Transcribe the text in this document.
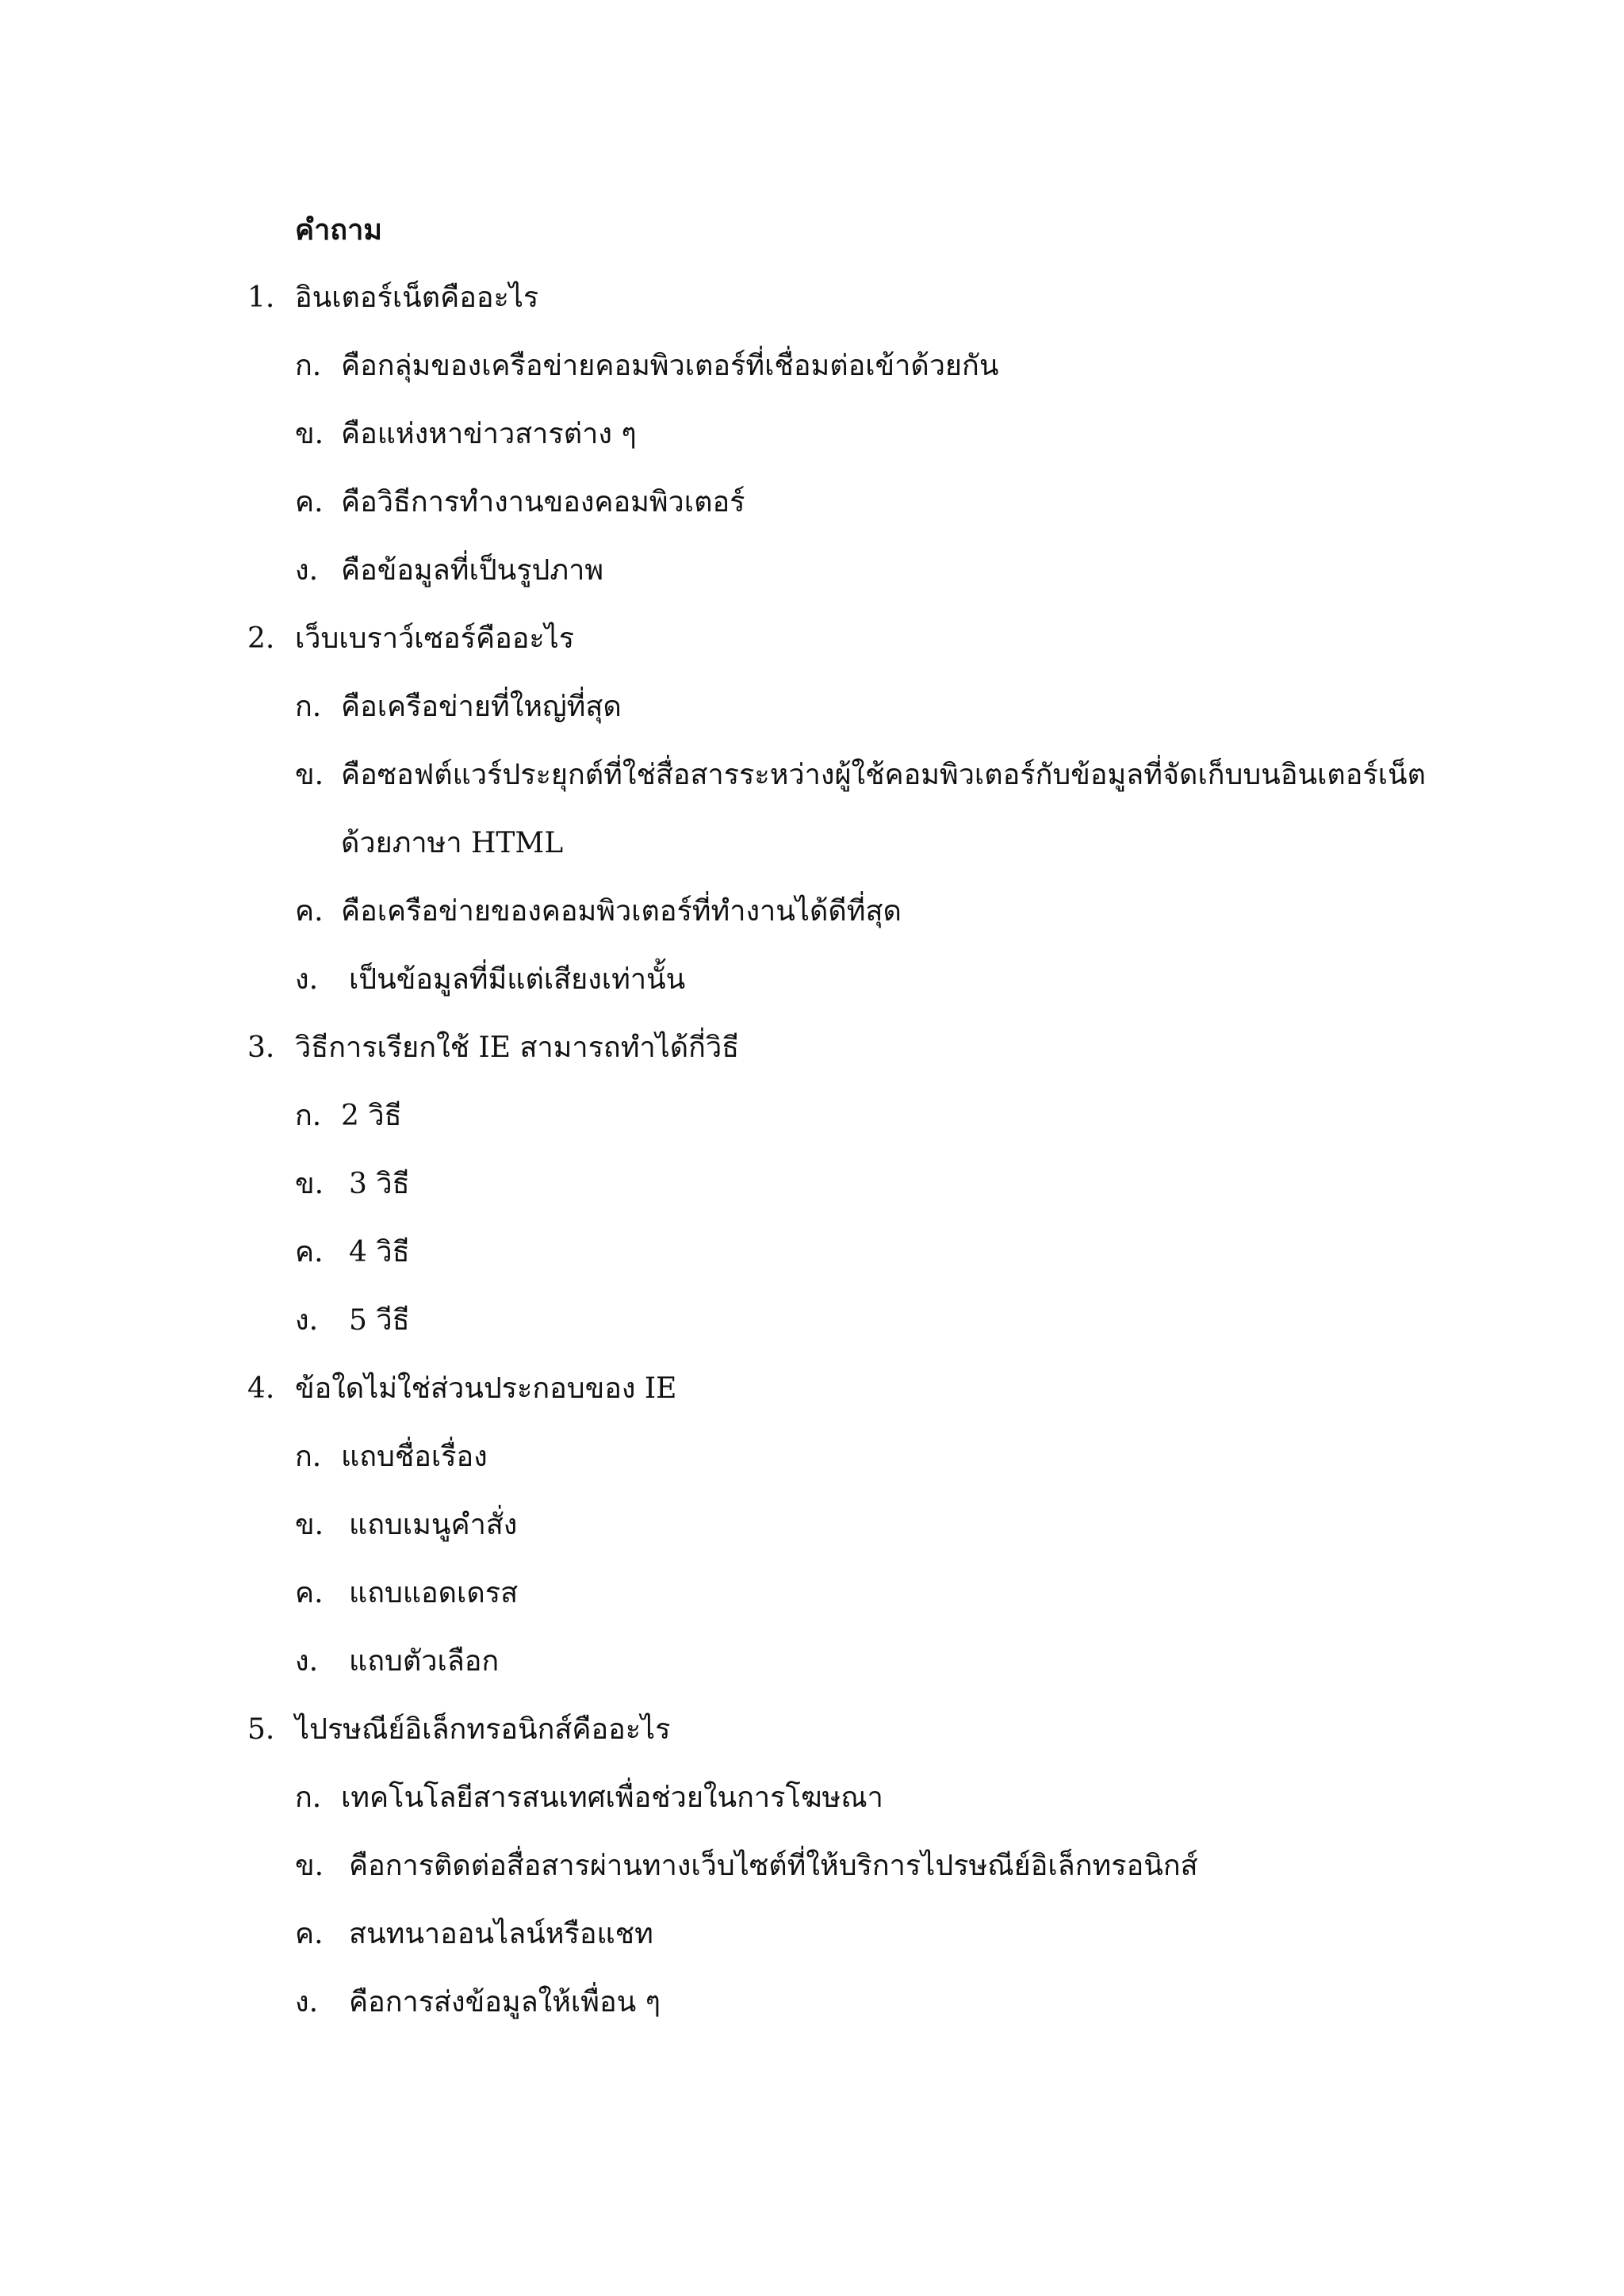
คำถาม
1. อินเตอร์เน็ตคืออะไร
ก. คือกลุ่มของเครือข่ายคอมพิวเตอร์ที่เชื่อมต่อเข้าด้วยกัน
ข. คือแห่งหาข่าวสารต่าง ๆ
ค. คือวิธีการทำงานของคอมพิวเตอร์
ง. คือข้อมูลที่เป็นรูปภาพ
2. เว็บเบราว์เซอร์คืออะไร
ก. คือเครือข่ายที่ใหญ่ที่สุด
ข. คือซอฟต์แวร์ประยุกต์ที่ใช่สื่อสารระหว่างผู้ใช้คอมพิวเตอร์กับข้อมูลที่จัดเก็บบนอินเตอร์เน็ต
ด้วยภาษา HTML
ค. คือเครือข่ายของคอมพิวเตอร์ที่ทำงานได้ดีที่สุด
ง. เป็นข้อมูลที่มีแต่เสียงเท่านั้น
3. วิธีการเรียกใช้ IE สามารถทำได้กี่วิธี
ก. 2 วิธี
ข. 3 วิธี
ค. 4 วิธี
ง. 5 วีธี
4. ข้อใดไม่ใช่ส่วนประกอบของ IE
ก. แถบชื่อเรื่อง
ข. แถบเมนูคำสั่ง
ค. แถบแอดเดรส
ง. แถบตัวเลือก
5. ไปรษณีย์อิเล็กทรอนิกส์คืออะไร
ก. เทคโนโลยีสารสนเทศเพื่อช่วยในการโฆษณา
ข. คือการติดต่อสื่อสารผ่านทางเว็บไซต์ที่ให้บริการไปรษณีย์อิเล็กทรอนิกส์
ค. สนทนาออนไลน์หรือแชท
ง. คือการส่งข้อมูลให้เพื่อน ๆ
